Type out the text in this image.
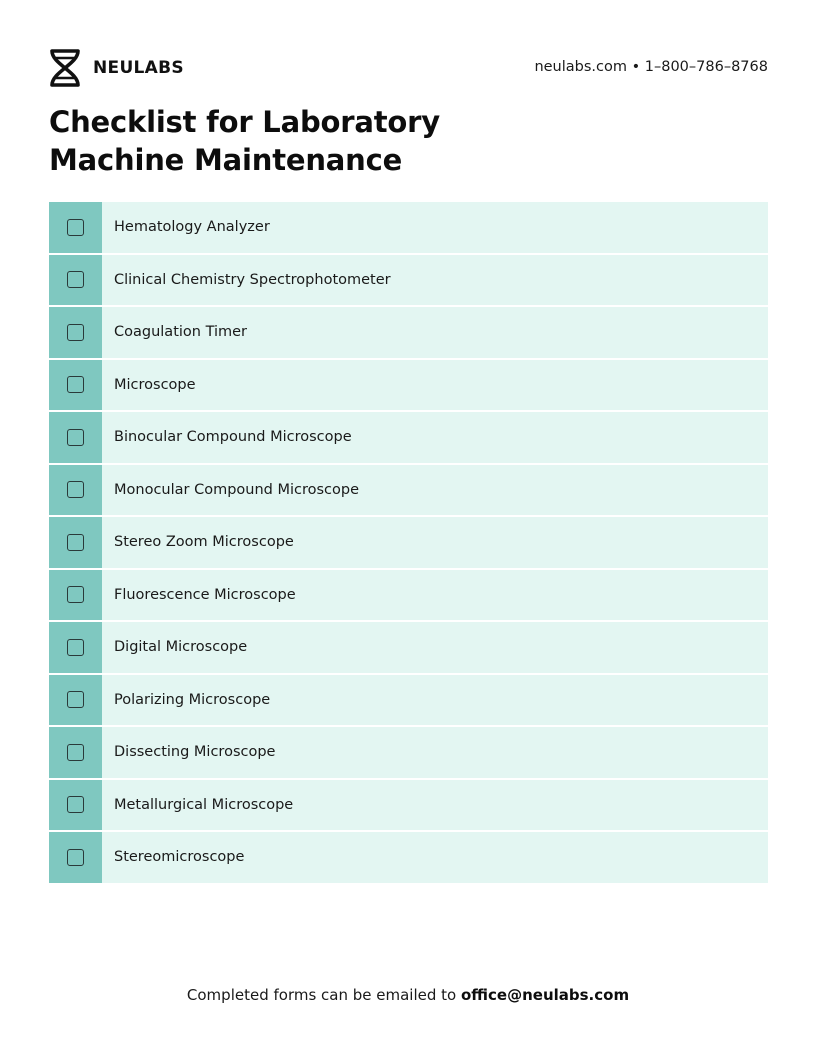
NEULABS	neulabs.com • 1–800–786–8768
Checklist for Laboratory
Machine Maintenance
Hematology Analyzer
Clinical Chemistry Spectrophotometer
Coagulation Timer
Microscope
Binocular Compound Microscope
Monocular Compound Microscope
Stereo Zoom Microscope
Fluorescence Microscope
Digital Microscope
Polarizing Microscope
Dissecting Microscope
Metallurgical Microscope
Stereomicroscope
Completed forms can be emailed to office@neulabs.com
